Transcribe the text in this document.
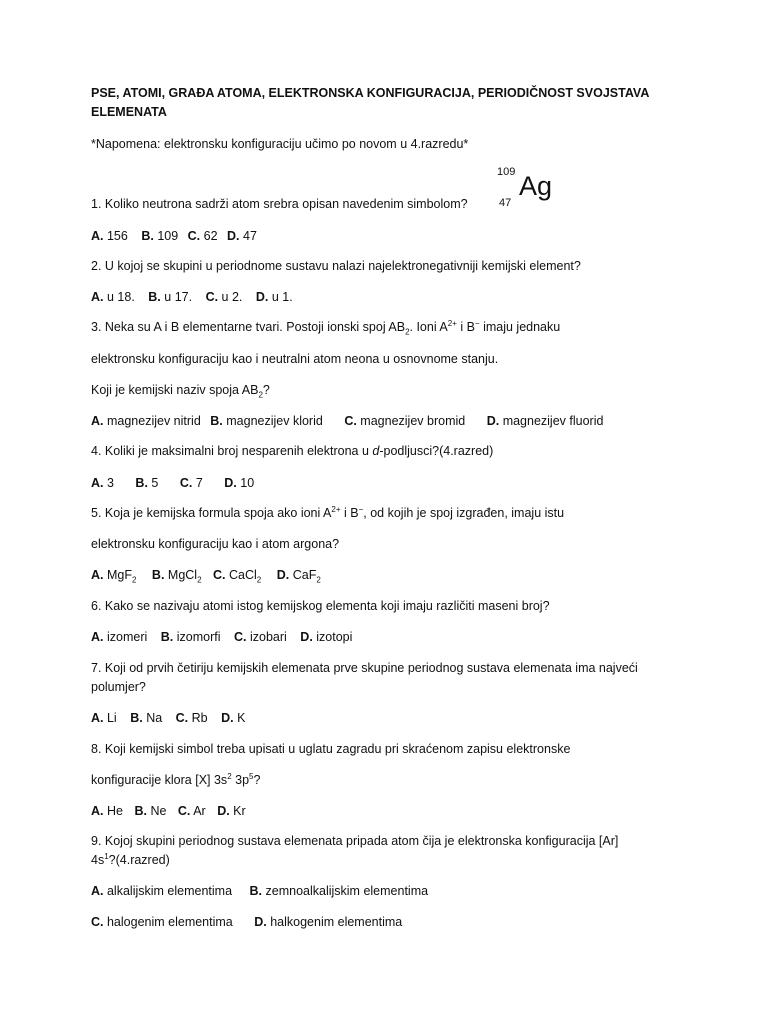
PSE, ATOMI, GRAĐA ATOMA, ELEKTRONSKA KONFIGURACIJA, PERIODIČNOST SVOJSTAVA ELEMENATA
*Napomena: elektronsku konfiguraciju učimo po novom u 4.razredu*
109
47
Ag
1. Koliko neutrona sadrži atom srebra opisan navedenim simbolom?
A. 156 B. 109 C. 62 D. 47
2. U kojoj se skupini u periodnome sustavu nalazi najelektronegativniji kemijski element?
A. u 18. B. u 17. C. u 2. D. u 1.
3. Neka su A i B elementarne tvari. Postoji ionski spoj $AB_2$. Ioni $A^{2+}$ i B− imaju jednaku
elektronsku konfiguraciju kao i neutralni atom neona u osnovnome stanju.
Koji je kemijski naziv spoja $AB_2$?
A. magnezijev nitrid B. magnezijev klorid C. magnezijev bromid D. magnezijev fluorid
4. Koliki je maksimalni broj nesparenih elektrona u d-podljusci?(4.razred)
A. 3 B. 5 C. 7 D. 10
5. Koja je kemijska formula spoja ako ioni $A^{2+}$ i B−, od kojih je spoj izgrađen, imaju istu
elektronsku konfiguraciju kao i atom argona?
A. MgF$_2$ B. MgCl$_2$ C. CaCl$_2$ D. CaF$_2$
6. Kako se nazivaju atomi istog kemijskog elementa koji imaju različiti maseni broj?
A. izomeri B. izomorfi C. izobari D. izotopi
7. Koji od prvih četiriju kemijskih elemenata prve skupine periodnog sustava elemenata ima najveći polumjer?
A. Li B. Na C. Rb D. K
8. Koji kemijski simbol treba upisati u uglatu zagradu pri skraćenom zapisu elektronske
konfiguracije klora [X] $3s^2$ $3p^5$?
A. He B. Ne C. Ar D. Kr
9. Kojoj skupini periodnog sustava elemenata pripada atom čija je elektronska konfiguracija [Ar]
$4s^1?(4.razred)$
A. alkalijskim elementima B. zemnoalkalijskim elementima
C. halogenim elementima D. halkogenim elementima
